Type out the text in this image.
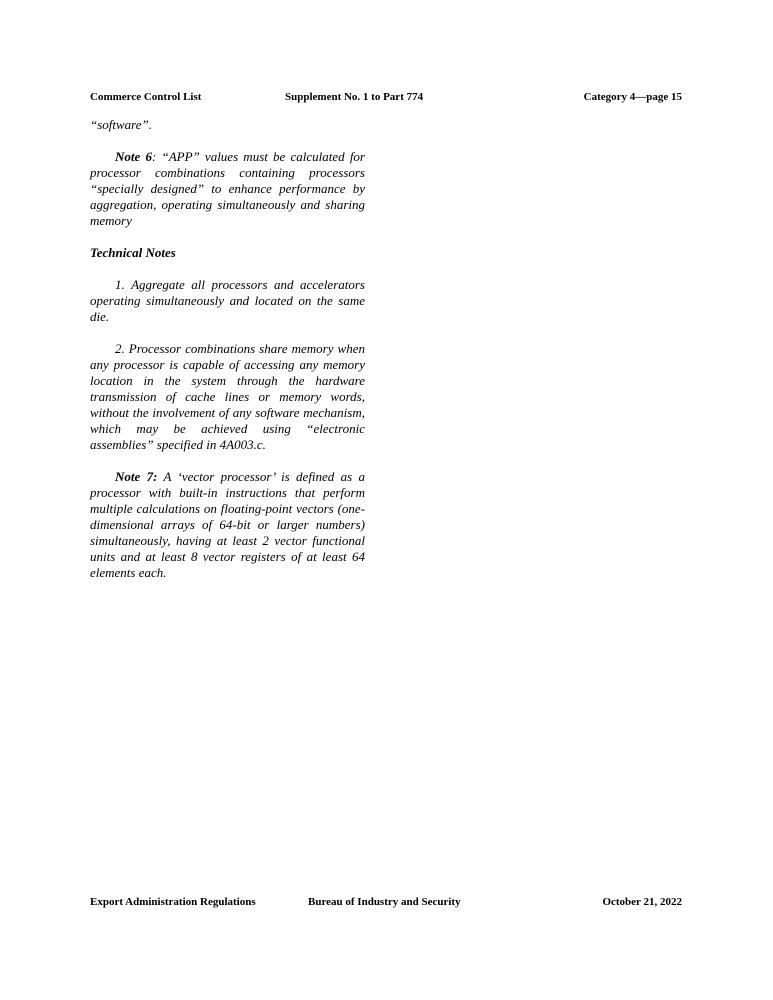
Commerce Control List	Supplement No. 1 to Part 774	Category 4—page 15

“software”.

Note 6: “APP” values must be calculated for processor combinations containing processors “specially designed” to enhance performance by aggregation, operating simultaneously and sharing memory

Technical Notes

1. Aggregate all processors and accelerators operating simultaneously and located on the same die.

2. Processor combinations share memory when any processor is capable of accessing any memory location in the system through the hardware transmission of cache lines or memory words, without the involvement of any software mechanism, which may be achieved using “electronic assemblies” specified in 4A003.c.

Note 7: A ‘vector processor’ is defined as a processor with built-in instructions that perform multiple calculations on floating-point vectors (one-dimensional arrays of 64-bit or larger numbers) simultaneously, having at least 2 vector functional units and at least 8 vector registers of at least 64 elements each.

Export Administration Regulations	Bureau of Industry and Security	October 21, 2022
